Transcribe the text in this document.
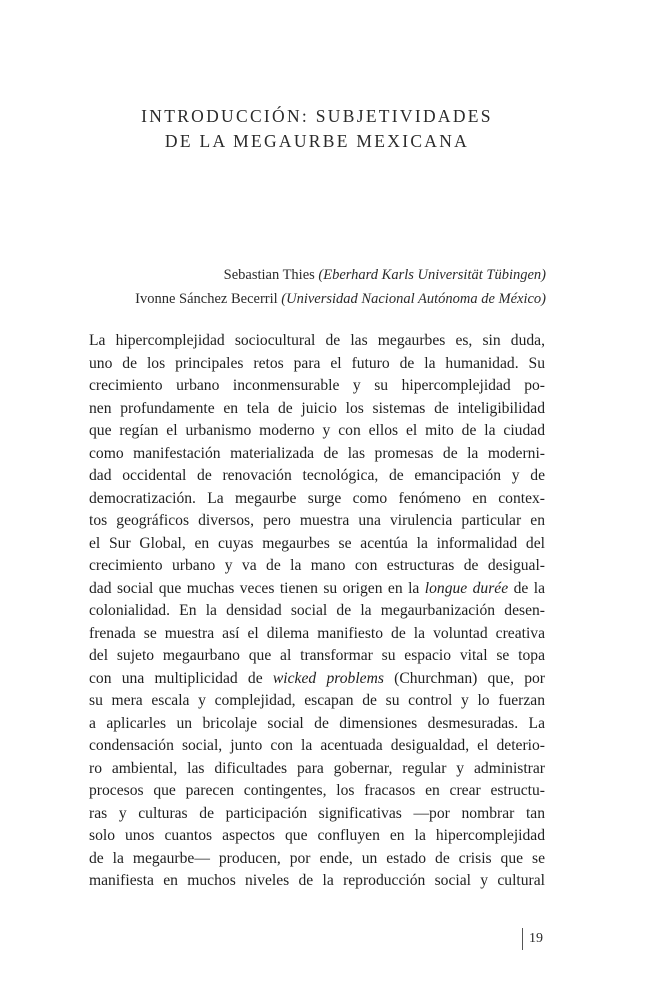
INTRODUCCIÓN: SUBJETIVIDADES
DE LA MEGAURBE MEXICANA
Sebastian Thies (Eberhard Karls Universität Tübingen)
Ivonne Sánchez Becerril (Universidad Nacional Autónoma de México)
La hipercomplejidad sociocultural de las megaurbes es, sin duda,
uno de los principales retos para el futuro de la humanidad. Su
crecimiento urbano inconmensurable y su hipercomplejidad po-
nen profundamente en tela de juicio los sistemas de inteligibilidad
que regían el urbanismo moderno y con ellos el mito de la ciudad
como manifestación materializada de las promesas de la moderni-
dad occidental de renovación tecnológica, de emancipación y de
democratización. La megaurbe surge como fenómeno en contex-
tos geográficos diversos, pero muestra una virulencia particular en
el Sur Global, en cuyas megaurbes se acentúa la informalidad del
crecimiento urbano y va de la mano con estructuras de desigual-
dad social que muchas veces tienen su origen en la longue durée de la
colonialidad. En la densidad social de la megaurbanización desen-
frenada se muestra así el dilema manifiesto de la voluntad creativa
del sujeto megaurbano que al transformar su espacio vital se topa
con una multiplicidad de wicked problems (Churchman) que, por
su mera escala y complejidad, escapan de su control y lo fuerzan
a aplicarles un bricolaje social de dimensiones desmesuradas. La
condensación social, junto con la acentuada desigualdad, el deterio-
ro ambiental, las dificultades para gobernar, regular y administrar
procesos que parecen contingentes, los fracasos en crear estructu-
ras y culturas de participación significativas —por nombrar tan
solo unos cuantos aspectos que confluyen en la hipercomplejidad
de la megaurbe— producen, por ende, un estado de crisis que se
manifiesta en muchos niveles de la reproducción social y cultural
19
